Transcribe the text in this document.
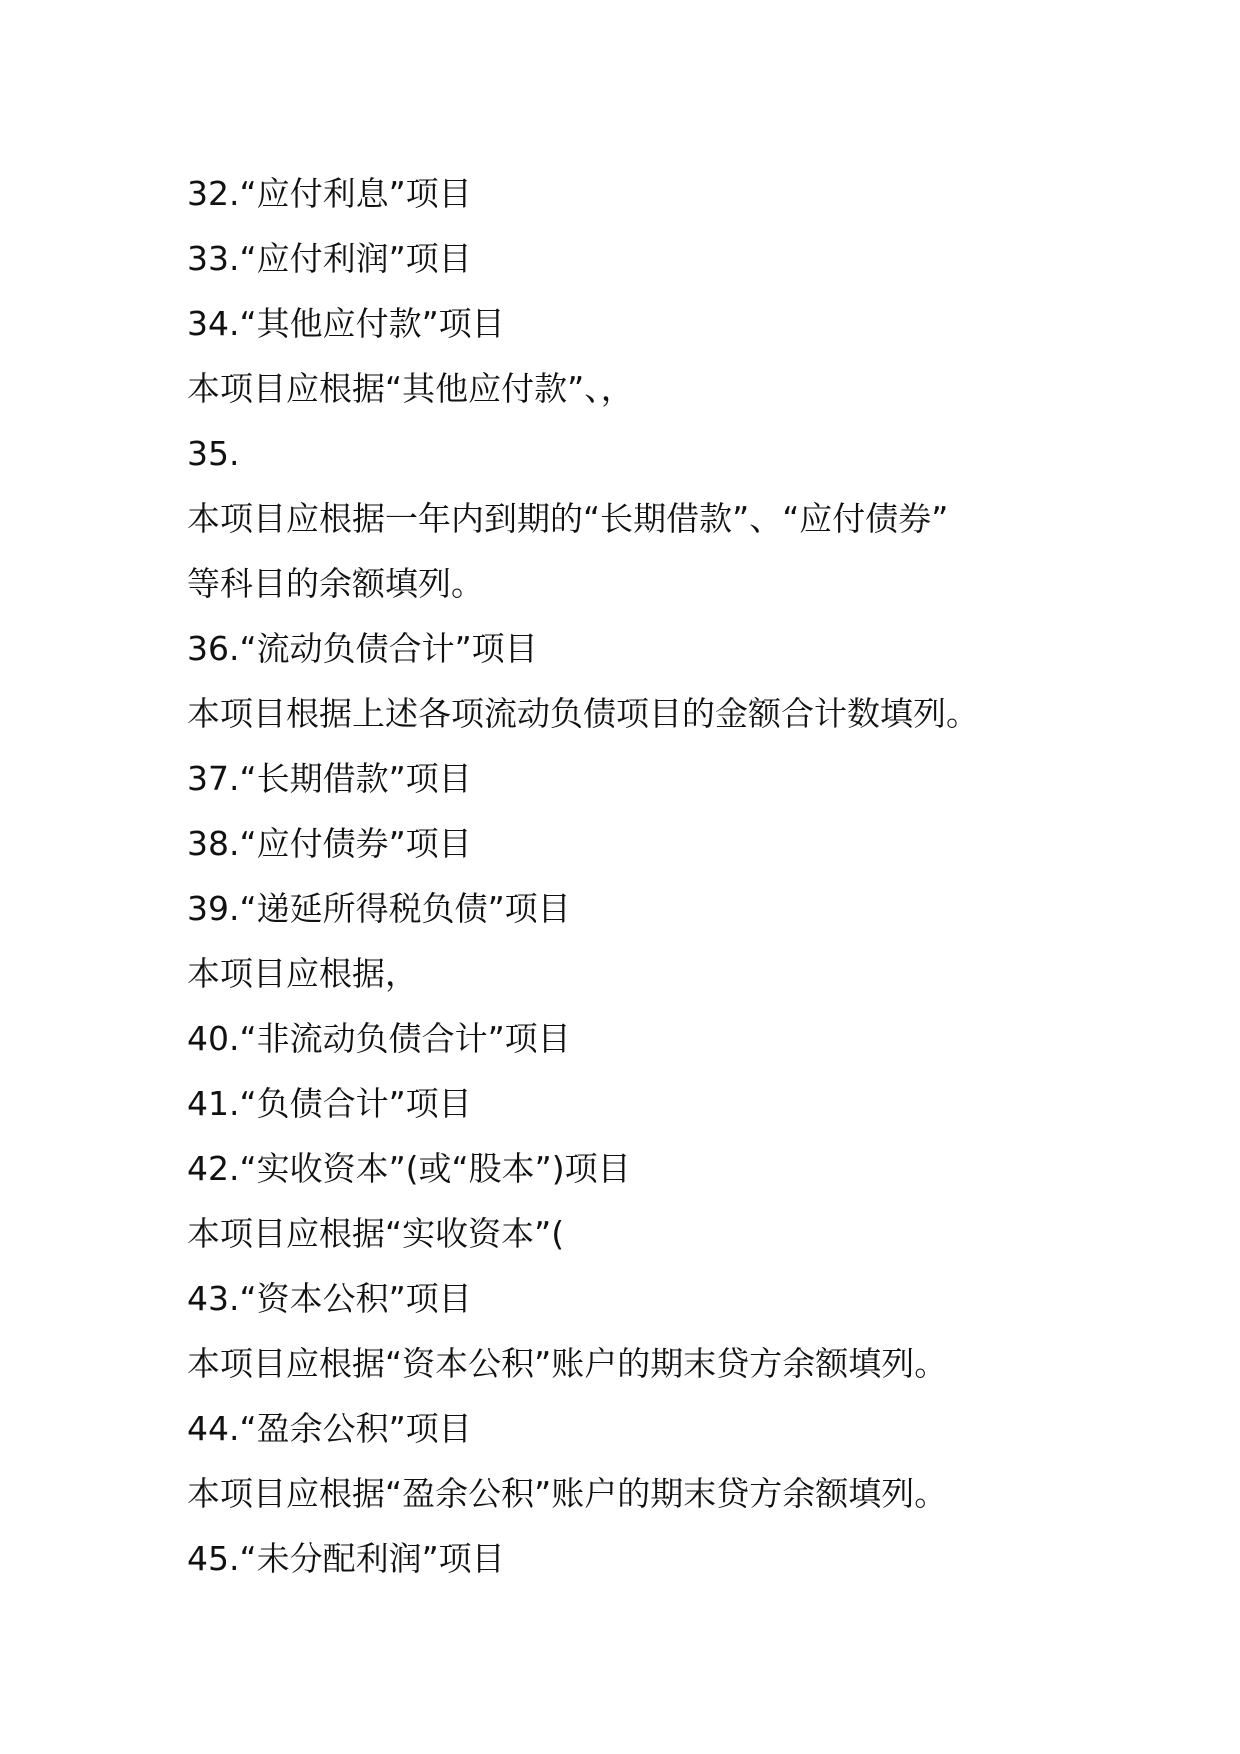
32.“应付利息”项目
33.“应付利润”项目
34.“其他应付款”项目
本项目应根据“其他应付款”、，
35.
本项目应根据一年内到期的“长期借款”、“应付债券”
等科目的余额填列。
36.“流动负债合计”项目
本项目根据上述各项流动负债项目的金额合计数填列。
37.“长期借款”项目
38.“应付债券”项目
39.“递延所得税负债”项目
本项目应根据，
40.“非流动负债合计”项目
41.“负债合计”项目
42.“实收资本”(或“股本”)项目
本项目应根据“实收资本”(
43.“资本公积”项目
本项目应根据“资本公积”账户的期末贷方余额填列。
44.“盈余公积”项目
本项目应根据“盈余公积”账户的期末贷方余额填列。
45.“未分配利润”项目
